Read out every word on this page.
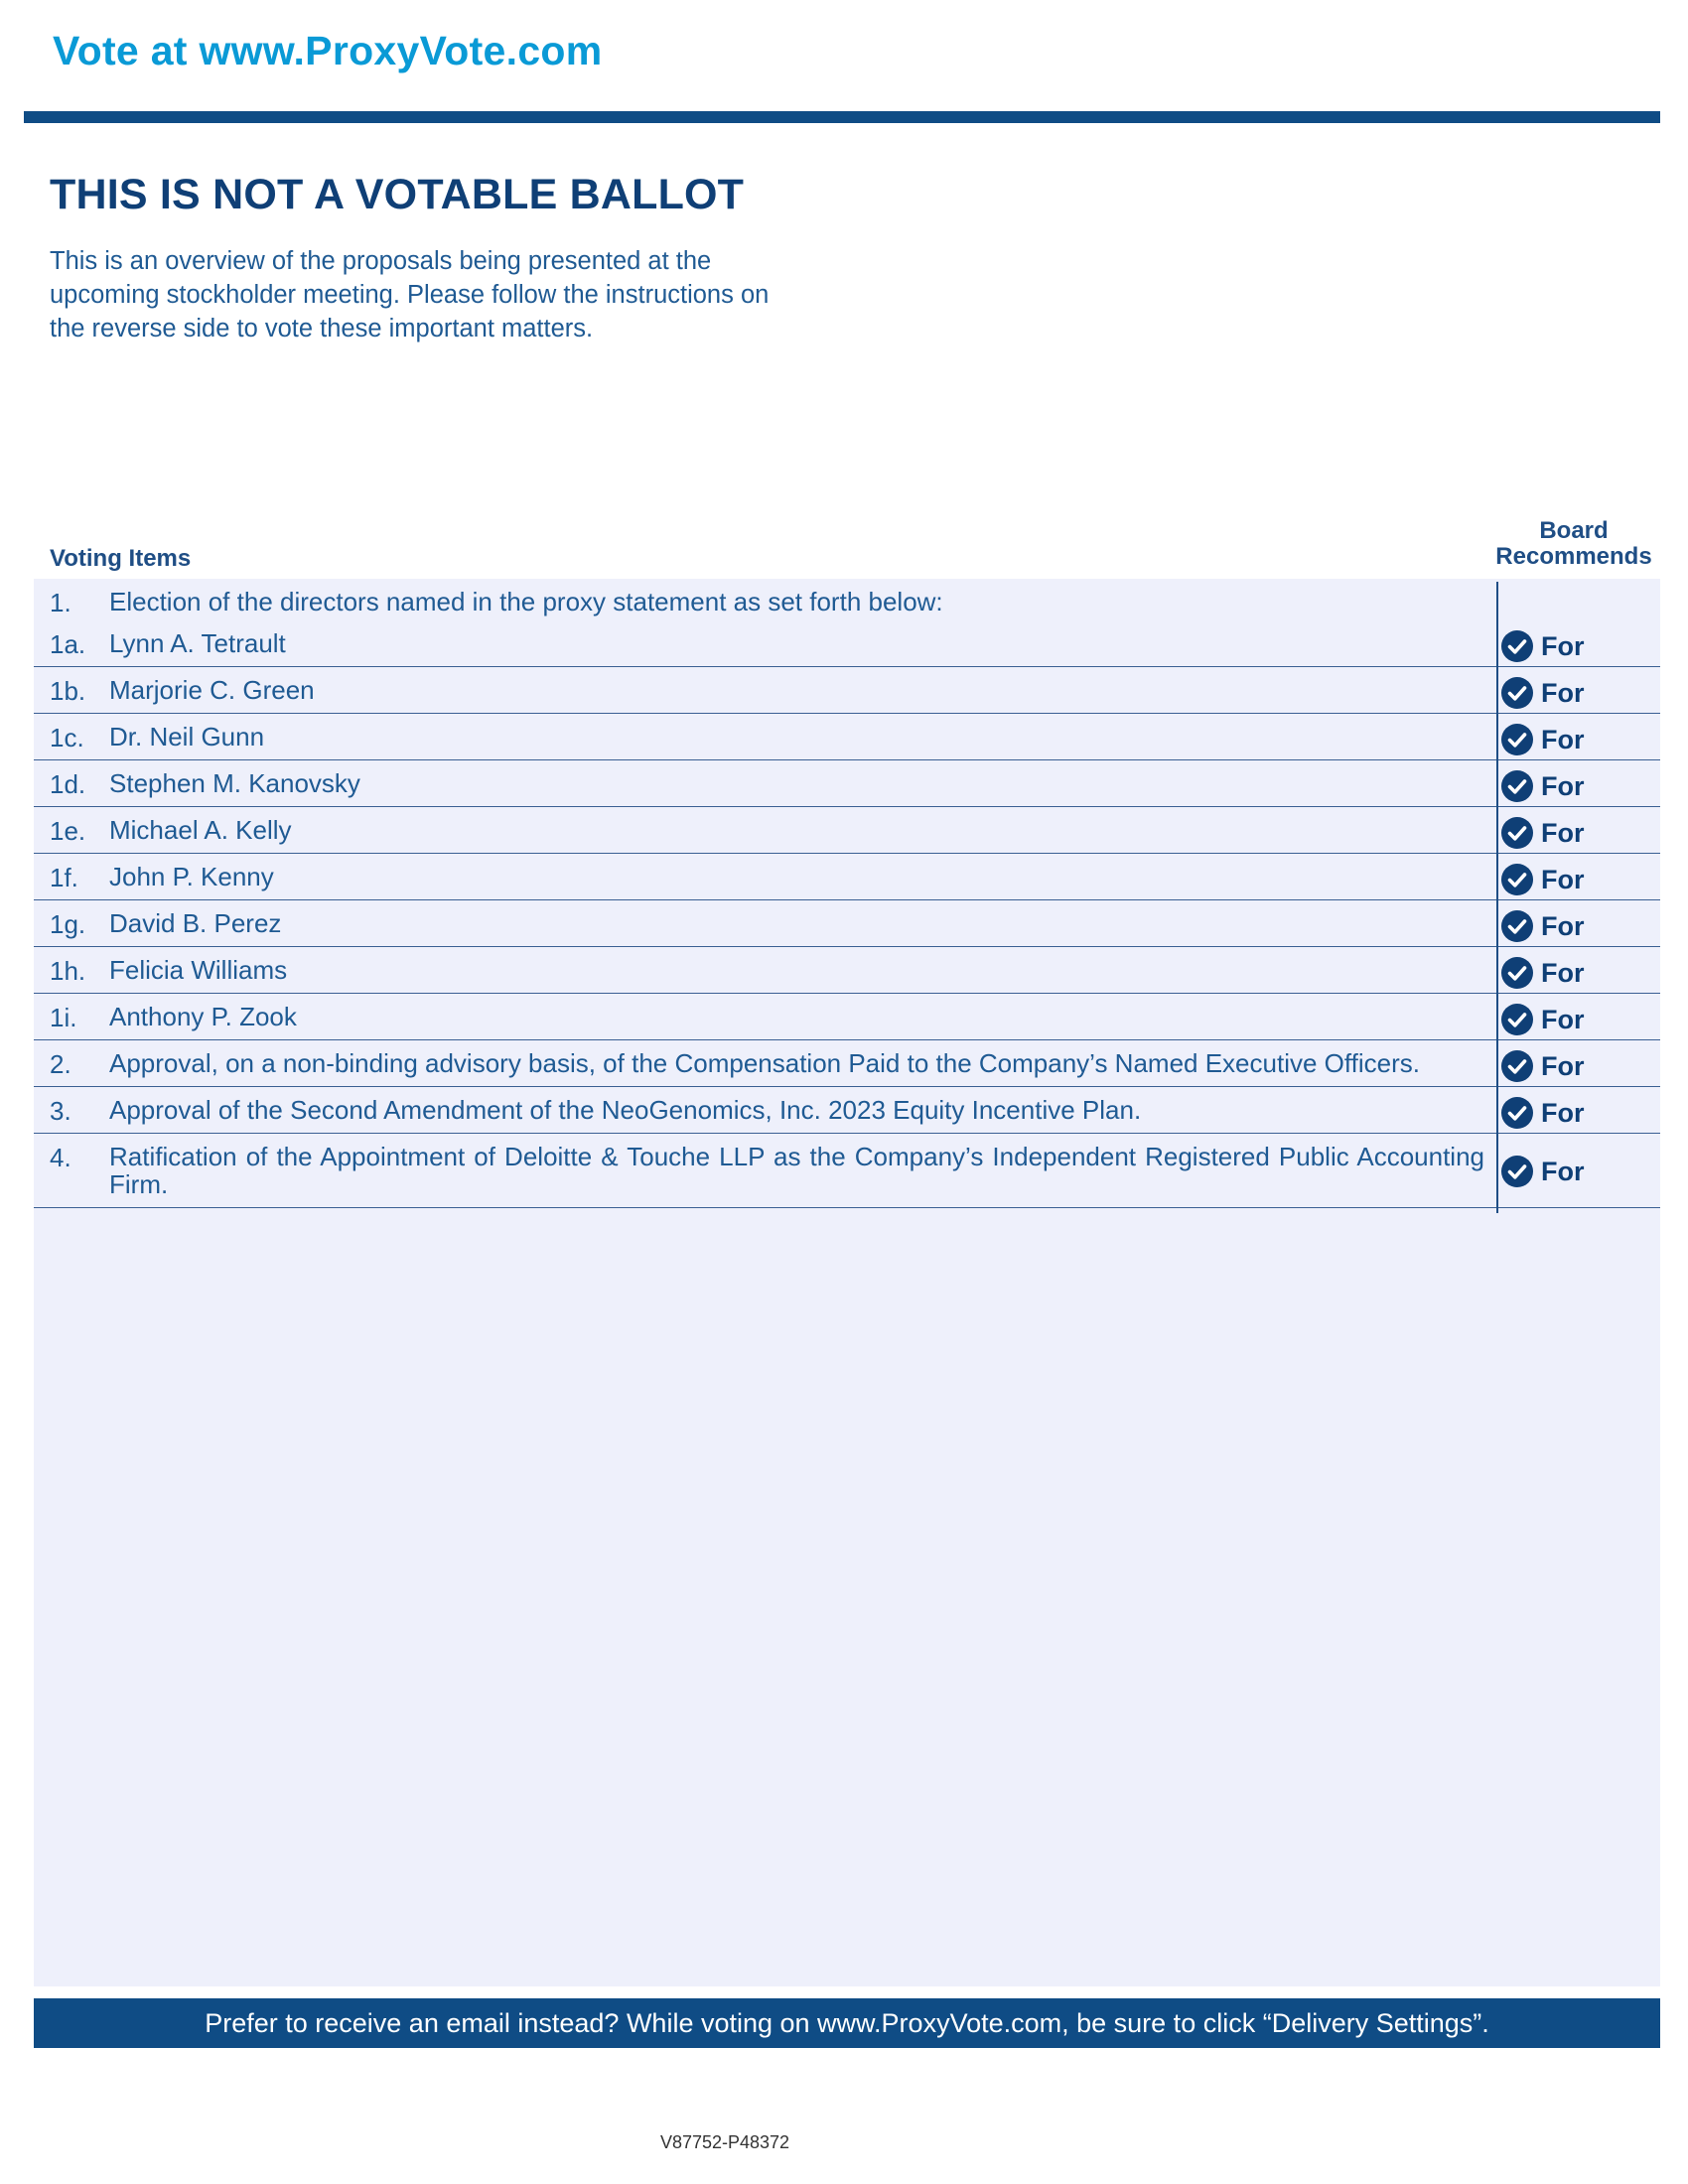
Vote at www.ProxyVote.com
THIS IS NOT A VOTABLE BALLOT
This is an overview of the proposals being presented at the
upcoming stockholder meeting. Please follow the instructions on
the reverse side to vote these important matters.
Voting Items
Board
Recommends
1. Election of the directors named in the proxy statement as set forth below:
1a. Lynn A. Tetrault	For
1b. Marjorie C. Green	For
1c. Dr. Neil Gunn	For
1d. Stephen M. Kanovsky	For
1e. Michael A. Kelly	For
1f. John P. Kenny	For
1g. David B. Perez	For
1h. Felicia Williams	For
1i. Anthony P. Zook	For
2. Approval, on a non-binding advisory basis, of the Compensation Paid to the Company’s Named Executive Officers.	For
3. Approval of the Second Amendment of the NeoGenomics, Inc. 2023 Equity Incentive Plan.	For
4. Ratification of the Appointment of Deloitte & Touche LLP as the Company’s Independent Registered Public Accounting Firm.	For
Prefer to receive an email instead? While voting on www.ProxyVote.com, be sure to click “Delivery Settings”.
V87752-P48372
